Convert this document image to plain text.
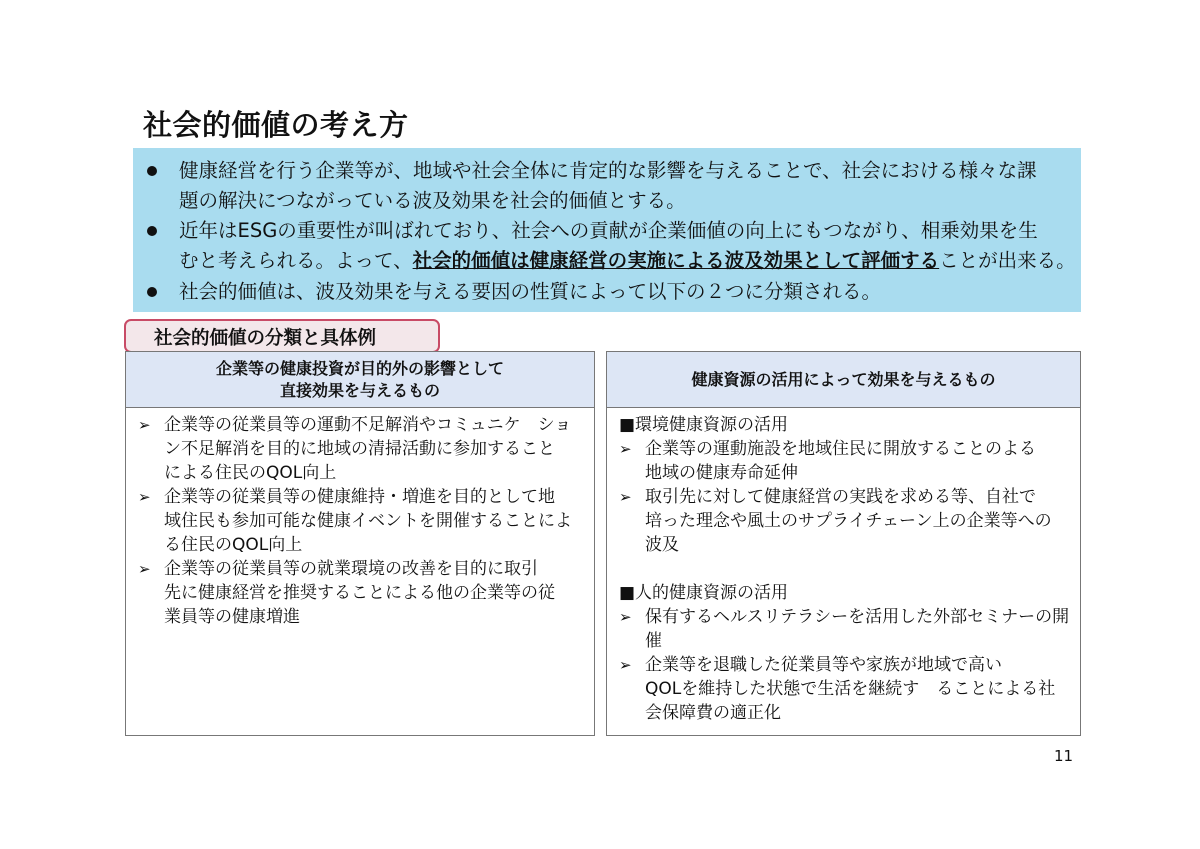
社会的価値の考え方
健康経営を行う企業等が、地域や社会全体に肯定的な影響を与えることで、社会における様々な課
題の解決につながっている波及効果を社会的価値とする。
近年はESGの重要性が叫ばれており、社会への貢献が企業価値の向上にもつながり、相乗効果を生
むと考えられる。よって、社会的価値は健康経営の実施による波及効果として評価することが出来る。
社会的価値は、波及効果を与える要因の性質によって以下の２つに分類される。
社会的価値の分類と具体例
企業等の健康投資が目的外の影響として
直接効果を与えるもの
➢ 企業等の従業員等の運動不足解消やコミュニケ　ショ
ン不足解消を目的に地域の清掃活動に参加すること
による住民のQOL向上
➢ 企業等の従業員等の健康維持・増進を目的として地
域住民も参加可能な健康イベントを開催することによ
る住民のQOL向上
➢ 企業等の従業員等の就業環境の改善を目的に取引
先に健康経営を推奨することによる他の企業等の従
業員等の健康増進
健康資源の活用によって効果を与えるもの
■環境健康資源の活用
➢ 企業等の運動施設を地域住民に開放することのよる
地域の健康寿命延伸
➢ 取引先に対して健康経営の実践を求める等、自社で
培った理念や風土のサプライチェーン上の企業等への
波及
■人的健康資源の活用
➢ 保有するヘルスリテラシーを活用した外部セミナーの開
催
➢ 企業等を退職した従業員等や家族が地域で高い
QOLを維持した状態で生活を継続す　ることによる社
会保障費の適正化
11
